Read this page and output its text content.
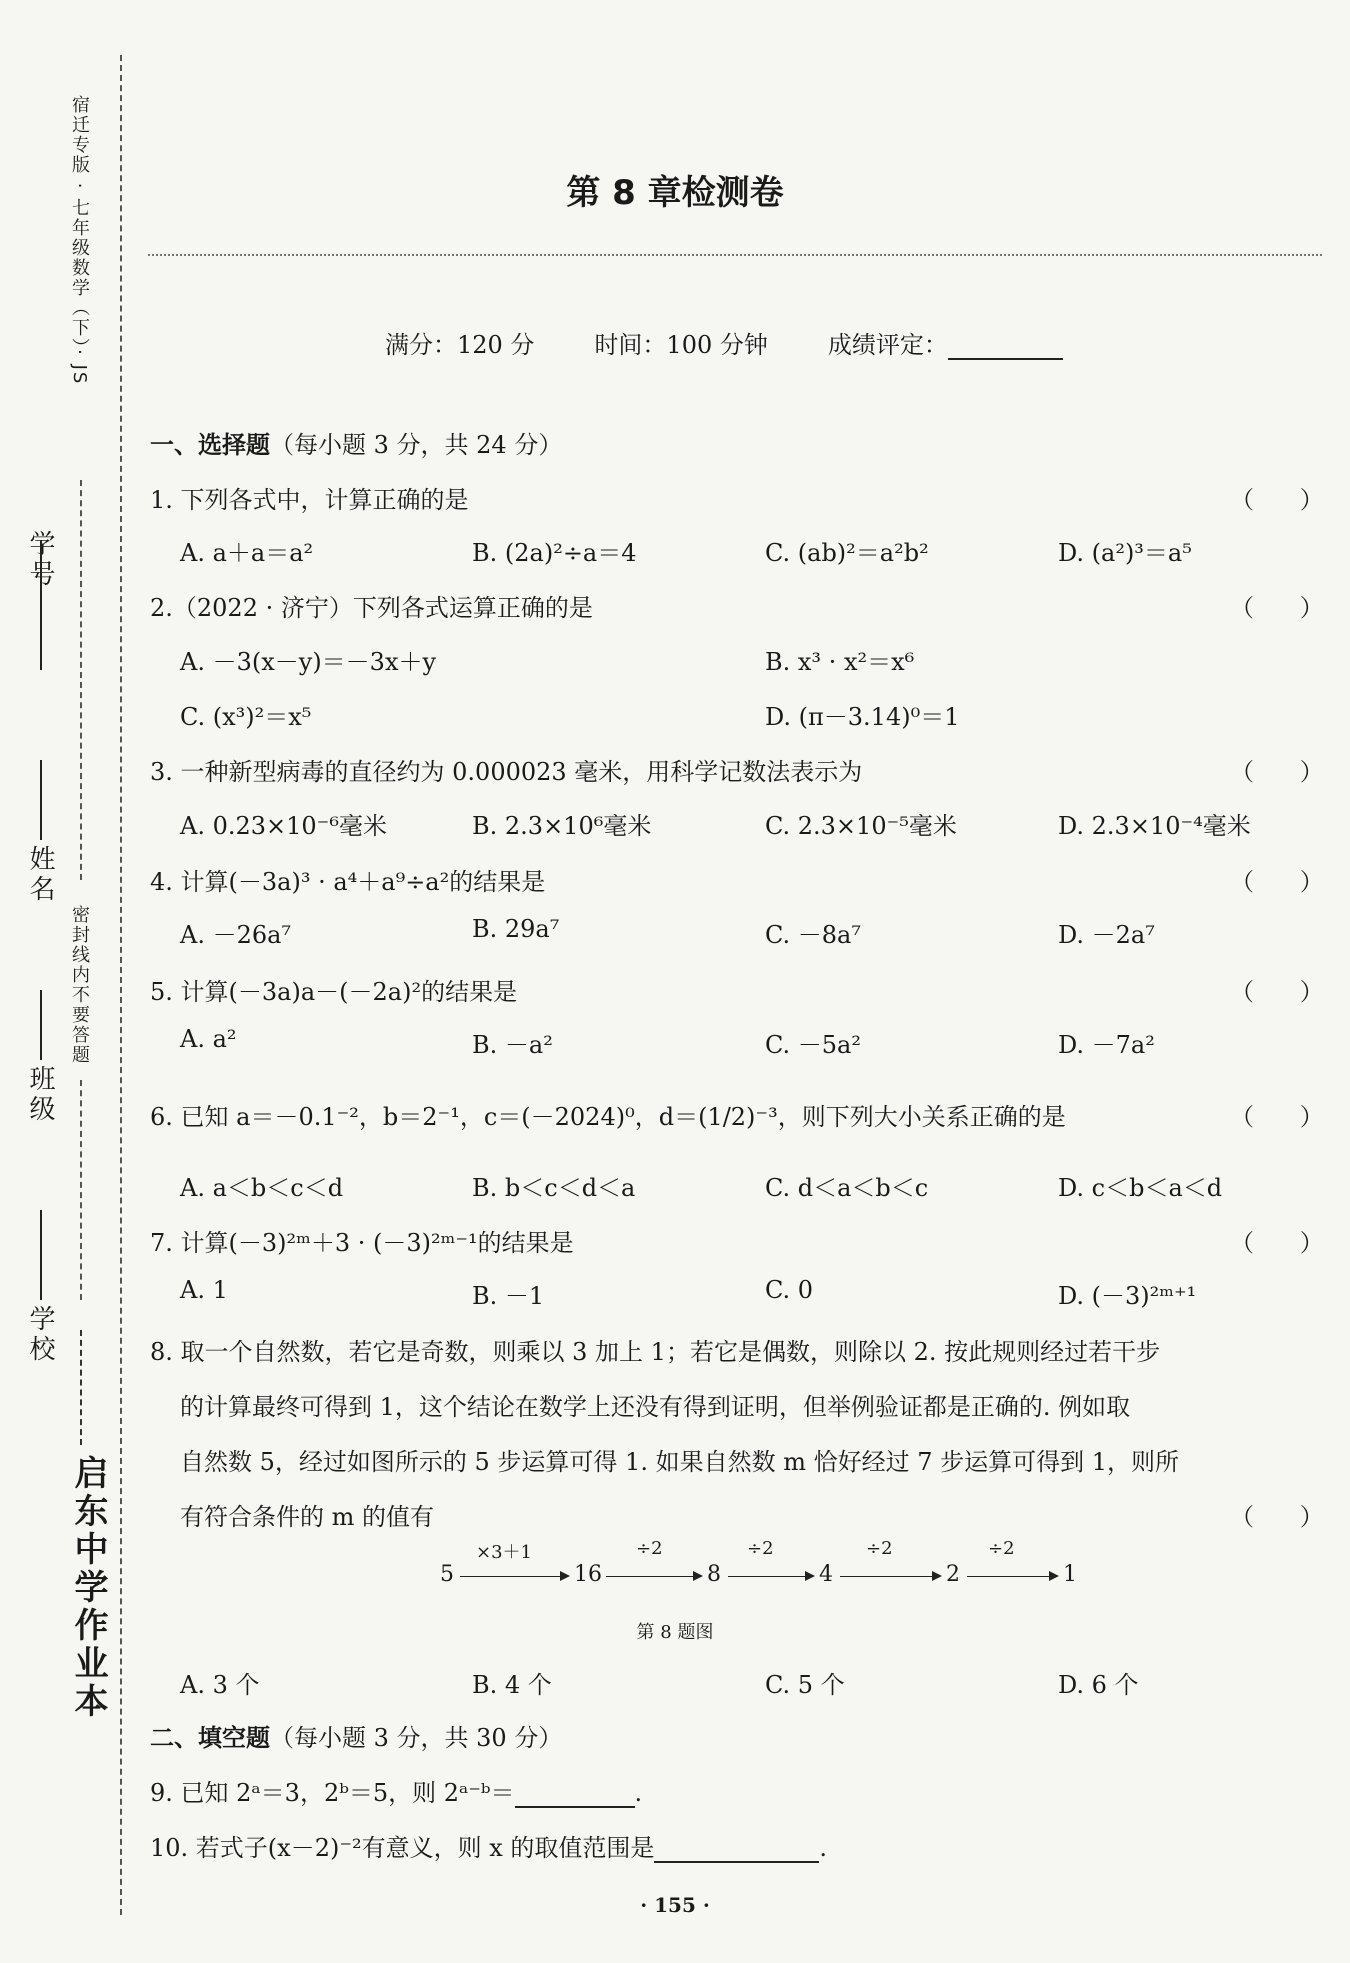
宿迁专版 · 七年级数学（下）· JS
密封线内不要答题
学号
姓名
班级
学校
启东中学作业本
第 8 章检测卷
满分：120 分	时间：100 分钟	成绩评定：
一、选择题（每小题 3 分，共 24 分）
1. 下列各式中，计算正确的是	（      ）
A. a＋a＝a²	B. (2a)²÷a＝4	C. (ab)²＝a²b²	D. (a²)³＝a⁵
2.（2022 · 济宁）下列各式运算正确的是	（      ）
A. －3(x－y)＝－3x＋y	B. x³ · x²＝x⁶
C. (x³)²＝x⁵	D. (π－3.14)⁰＝1
3. 一种新型病毒的直径约为 0.000023 毫米，用科学记数法表示为	（      ）
A. 0.23×10⁻⁶毫米	B. 2.3×10⁶毫米	C. 2.3×10⁻⁵毫米	D. 2.3×10⁻⁴毫米
4. 计算(－3a)³ · a⁴＋a⁹÷a²的结果是	（      ）
A. －26a⁷	B. 29a⁷	C. －8a⁷	D. －2a⁷
5. 计算(－3a)a－(－2a)²的结果是	（      ）
A. a²	B. －a²	C. －5a²	D. －7a²
6. 已知 a＝－0.1⁻²，b＝2⁻¹，c＝(－2024)⁰，d＝(1/2)⁻³，则下列大小关系正确的是	（      ）
A. a＜b＜c＜d	B. b＜c＜d＜a	C. d＜a＜b＜c	D. c＜b＜a＜d
7. 计算(－3)²ᵐ＋3 · (－3)²ᵐ⁻¹的结果是	（      ）
A. 1	B. －1	C. 0	D. (－3)²ᵐ⁺¹
8. 取一个自然数，若它是奇数，则乘以 3 加上 1；若它是偶数，则除以 2. 按此规则经过若干步
的计算最终可得到 1，这个结论在数学上还没有得到证明，但举例验证都是正确的. 例如取
自然数 5，经过如图所示的 5 步运算可得 1. 如果自然数 m 恰好经过 7 步运算可得到 1，则所
有符合条件的 m 的值有	（      ）
5
×3＋1
16
÷2
8
÷2
4
÷2
2
÷2
1
第 8 题图
A. 3 个	B. 4 个	C. 5 个	D. 6 个
二、填空题（每小题 3 分，共 30 分）
9. 已知 2ᵃ＝3，2ᵇ＝5，则 2ᵃ⁻ᵇ＝	.
10. 若式子(x－2)⁻²有意义，则 x 的取值范围是	.
· 155 ·
